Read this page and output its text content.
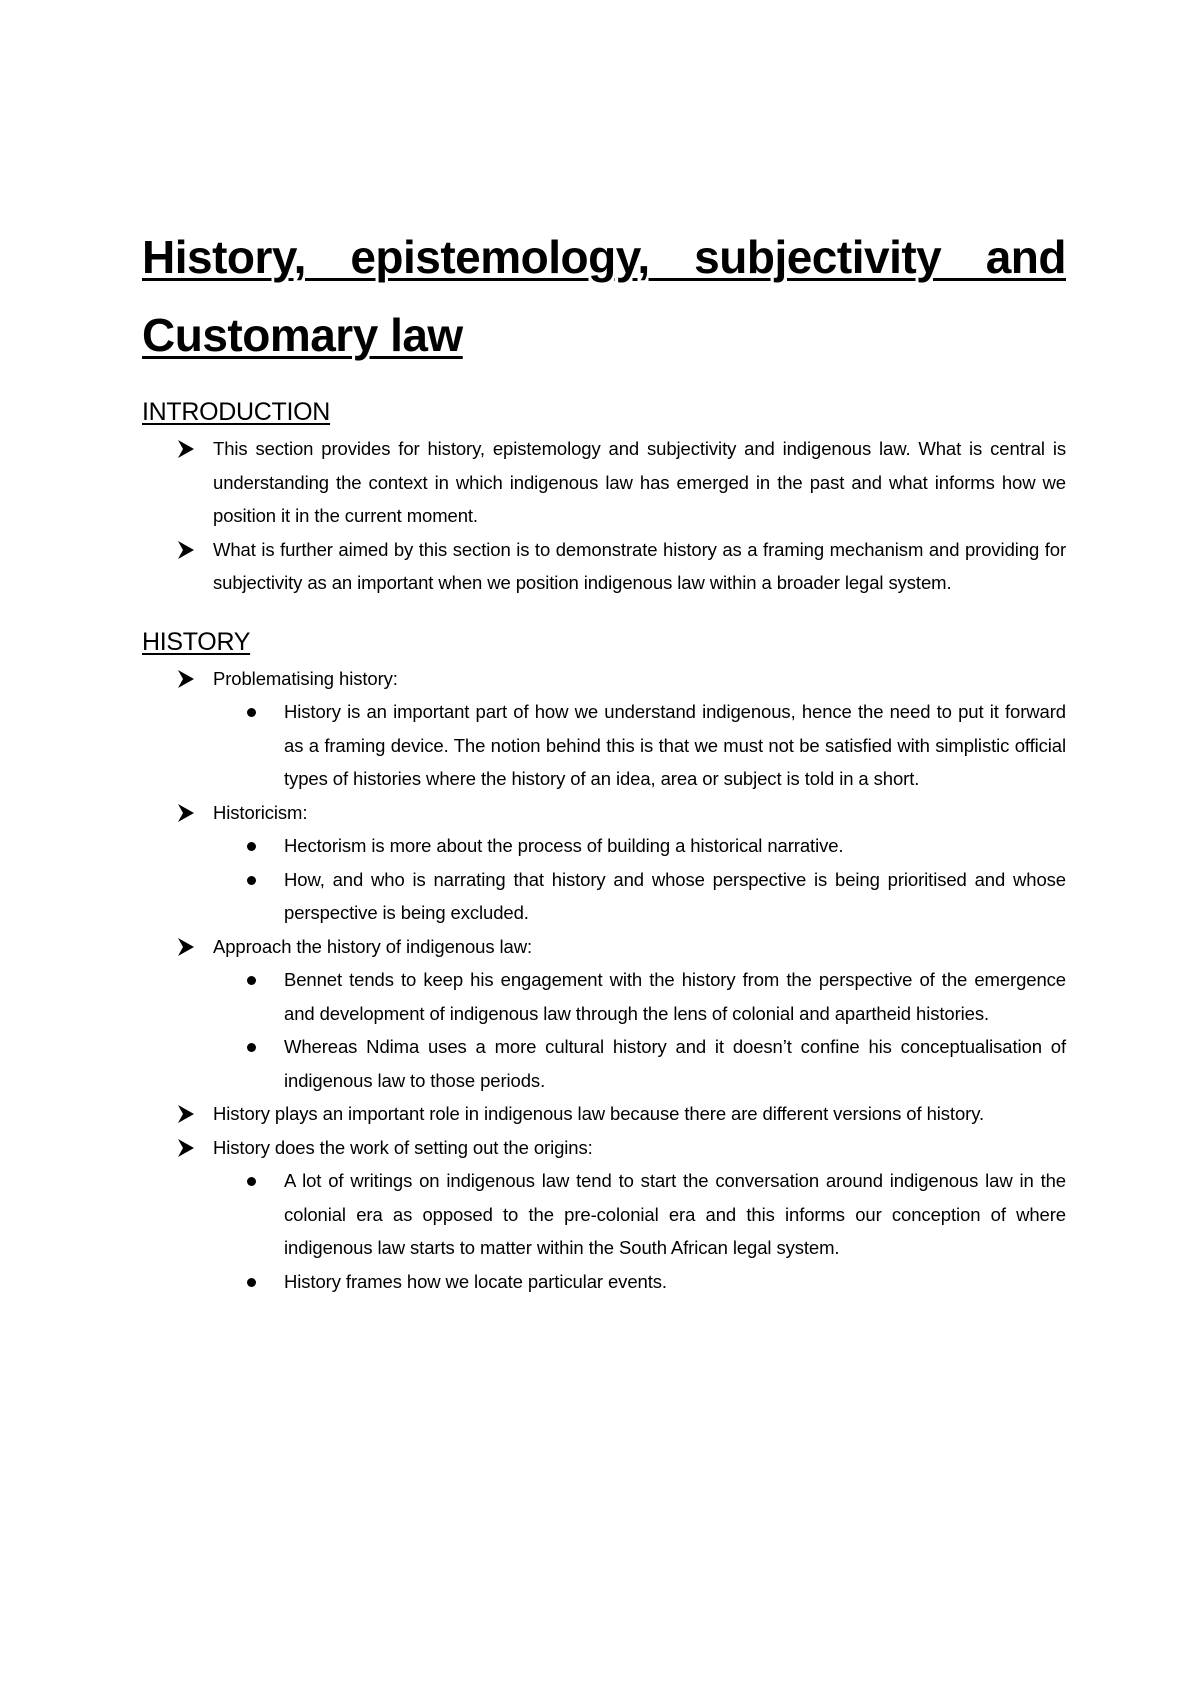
History, epistemology, subjectivity and Customary law
INTRODUCTION
This section provides for history, epistemology and subjectivity and indigenous law. What is central is understanding the context in which indigenous law has emerged in the past and what informs how we position it in the current moment.
What is further aimed by this section is to demonstrate history as a framing mechanism and providing for subjectivity as an important when we position indigenous law within a broader legal system.
HISTORY
Problematising history:
History is an important part of how we understand indigenous, hence the need to put it forward as a framing device. The notion behind this is that we must not be satisfied with simplistic official types of histories where the history of an idea, area or subject is told in a short.
Historicism:
Hectorism is more about the process of building a historical narrative.
How, and who is narrating that history and whose perspective is being prioritised and whose perspective is being excluded.
Approach the history of indigenous law:
Bennet tends to keep his engagement with the history from the perspective of the emergence and development of indigenous law through the lens of colonial and apartheid histories.
Whereas Ndima uses a more cultural history and it doesn’t confine his conceptualisation of indigenous law to those periods.
History plays an important role in indigenous law because there are different versions of history.
History does the work of setting out the origins:
A lot of writings on indigenous law tend to start the conversation around indigenous law in the colonial era as opposed to the pre-colonial era and this informs our conception of where indigenous law starts to matter within the South African legal system.
History frames how we locate particular events.
